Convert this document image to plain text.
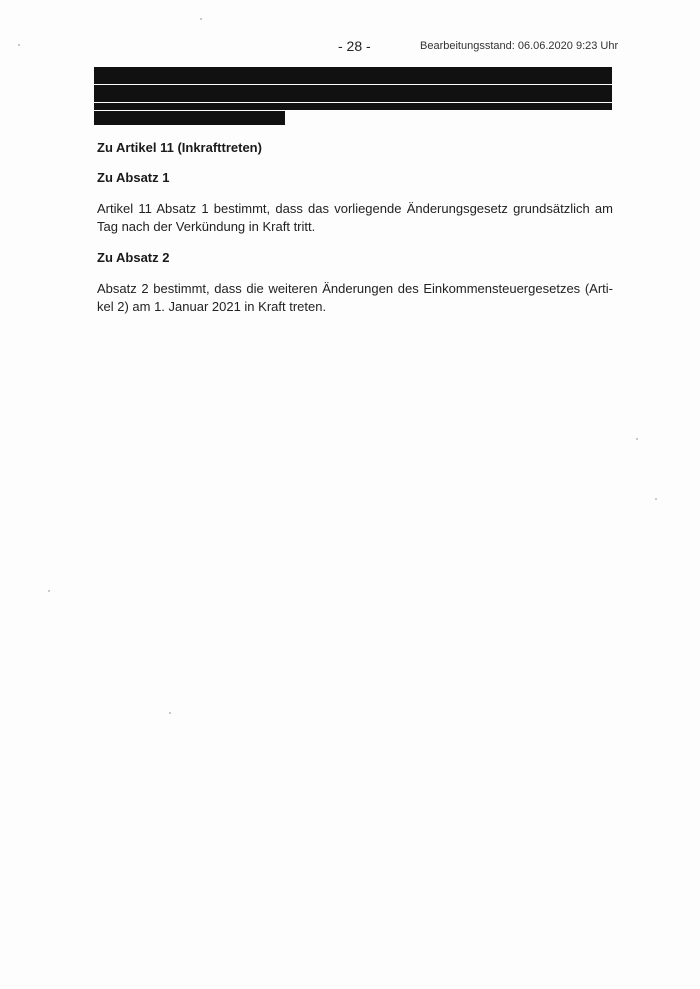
- 28 -	Bearbeitungsstand: 06.06.2020 9:23 Uhr
Zu Artikel 11 (Inkrafttreten)
Zu Absatz 1

Artikel 11 Absatz 1 bestimmt, dass das vorliegende Änderungsgesetz grundsätzlich am
Tag nach der Verkündung in Kraft tritt.

Zu Absatz 2

Absatz 2 bestimmt, dass die weiteren Änderungen des Einkommensteuergesetzes (Arti-
kel 2) am 1. Januar 2021 in Kraft treten.
